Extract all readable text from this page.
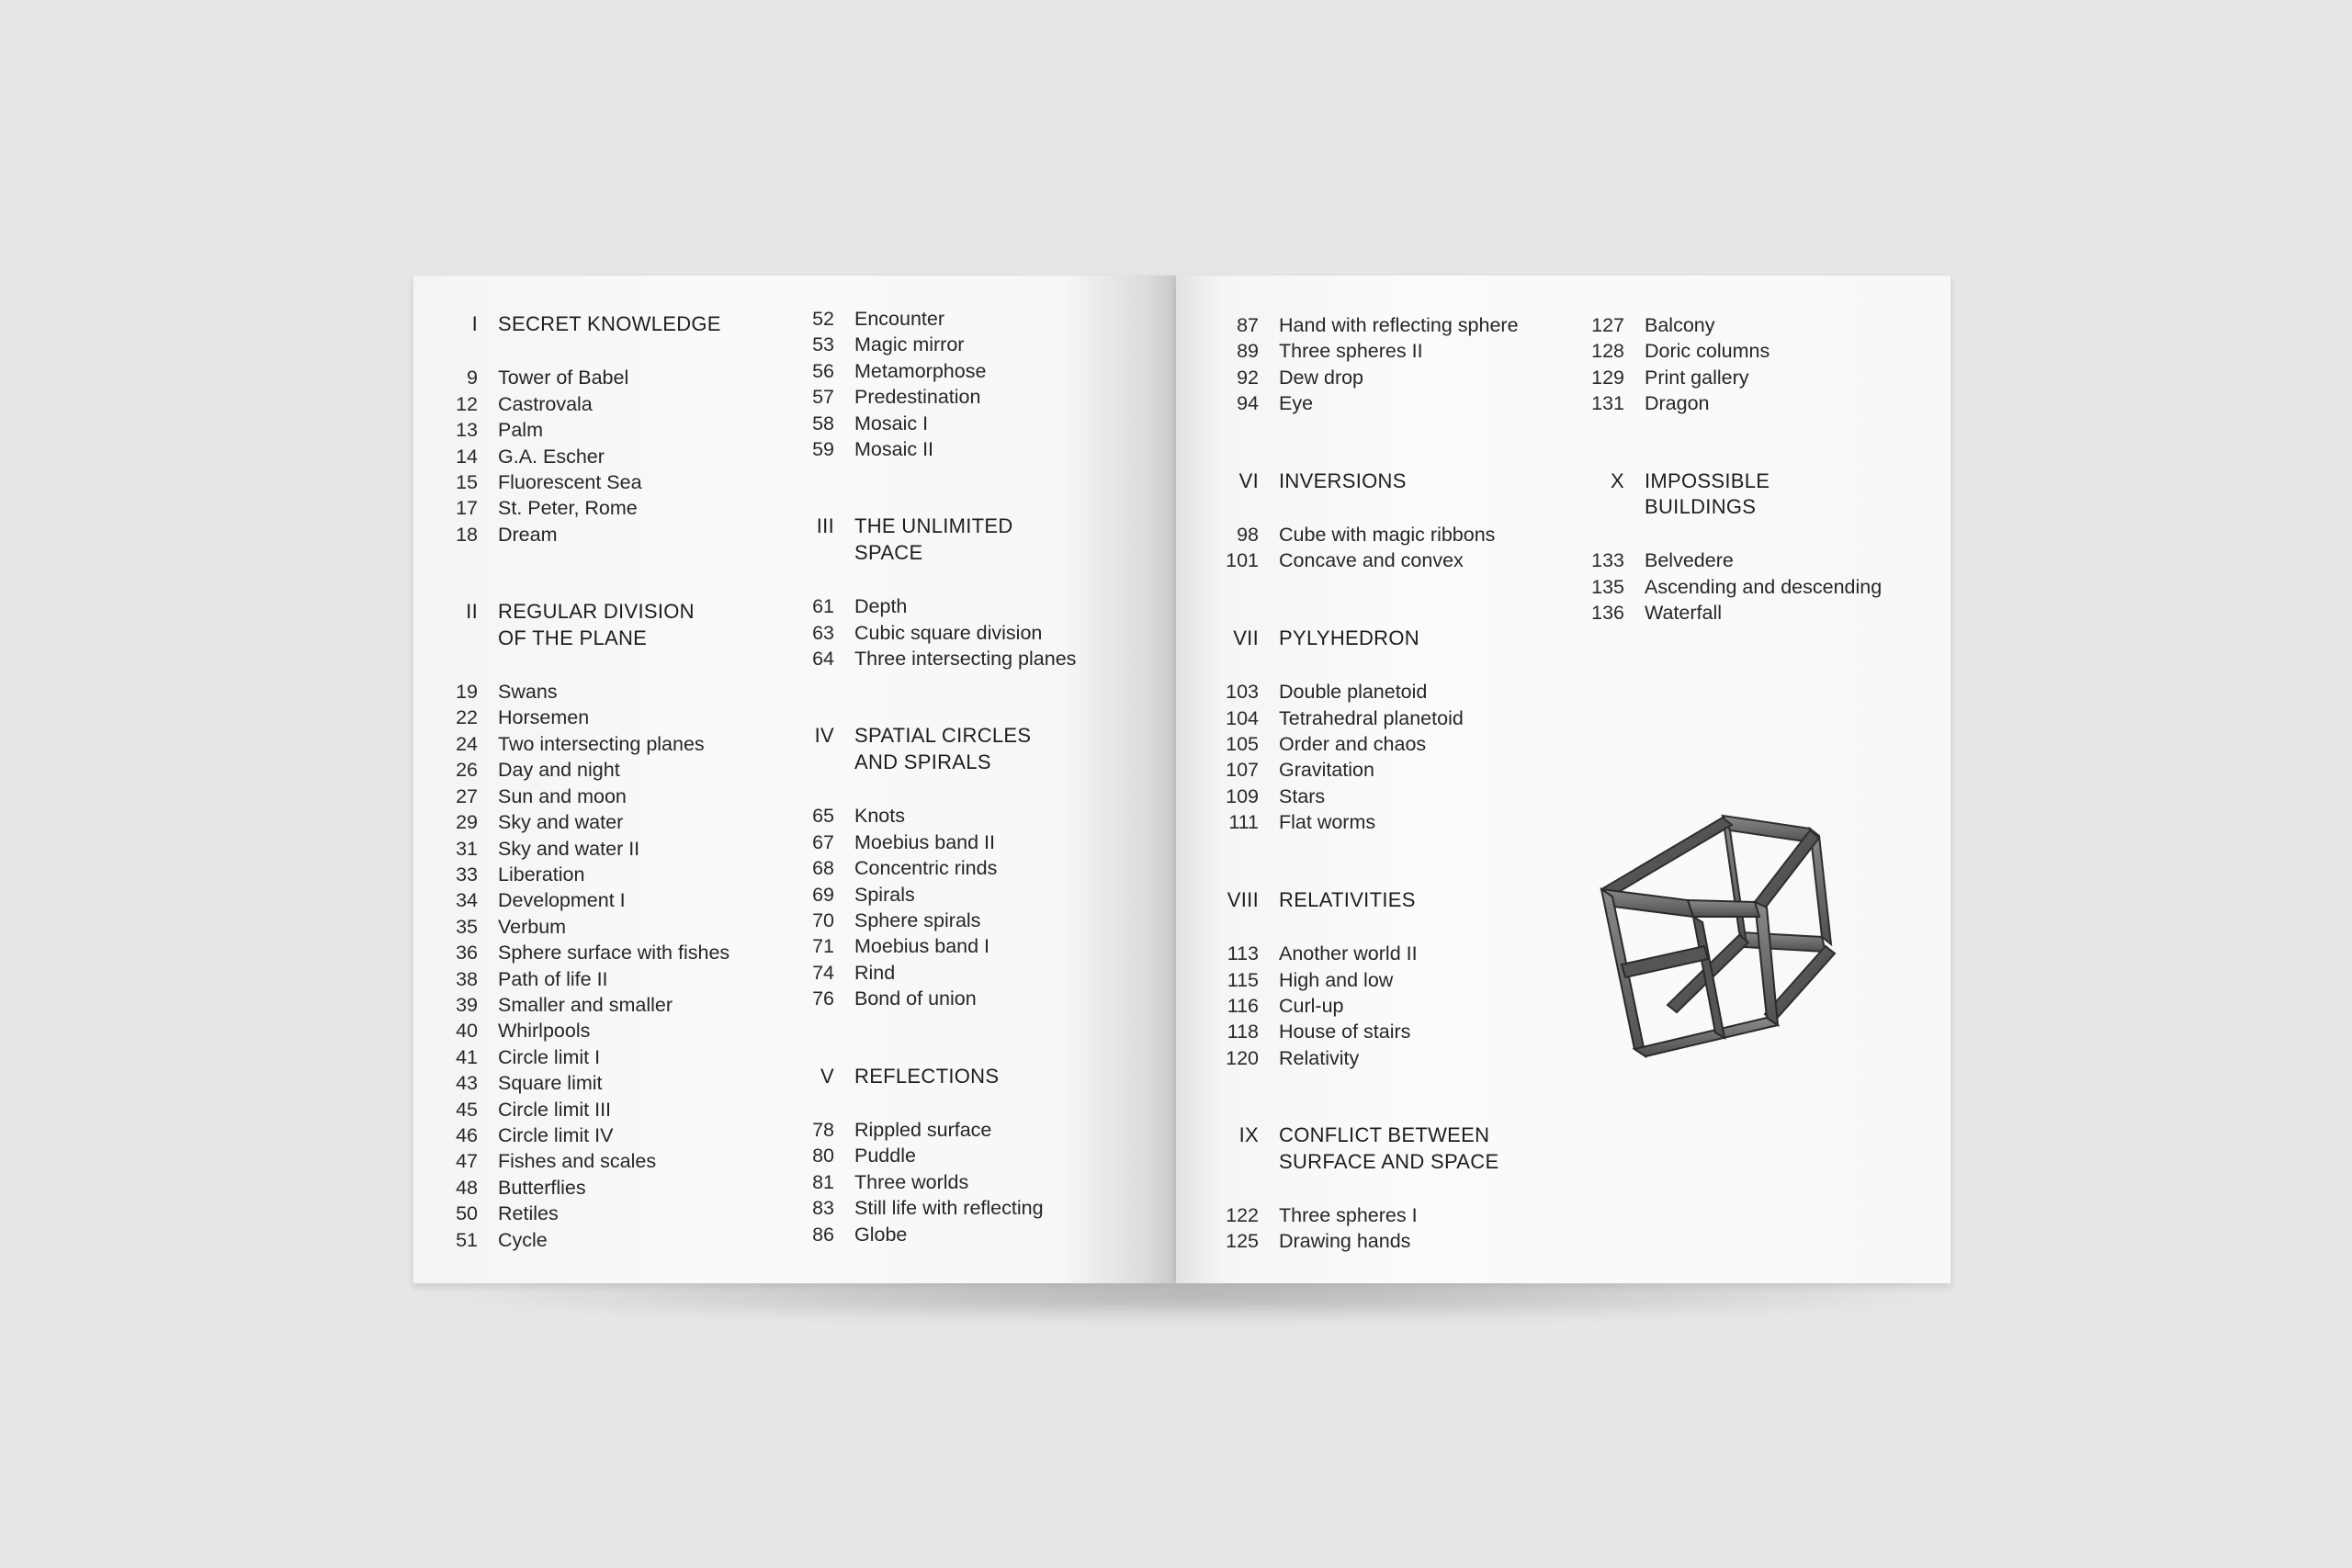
I	SECRET KNOWLEDGE
9	Tower of Babel
12	Castrovala
13	Palm
14	G.A. Escher
15	Fluorescent Sea
17	St. Peter, Rome
18	Dream
II	REGULAR DIVISION
OF THE PLANE
19	Swans
22	Horsemen
24	Two intersecting planes
26	Day and night
27	Sun and moon
29	Sky and water
31	Sky and water II
33	Liberation
34	Development I
35	Verbum
36	Sphere surface with fishes
38	Path of life II
39	Smaller and smaller
40	Whirlpools
41	Circle limit I
43	Square limit
45	Circle limit III
46	Circle limit IV
47	Fishes and scales
48	Butterflies
50	Retiles
51	Cycle
52	Encounter
53	Magic mirror
56	Metamorphose
57	Predestination
58	Mosaic I
59	Mosaic II
III	THE UNLIMITED
SPACE
61	Depth
63	Cubic square division
64	Three intersecting planes
IV	SPATIAL CIRCLES
AND SPIRALS
65	Knots
67	Moebius band II
68	Concentric rinds
69	Spirals
70	Sphere spirals
71	Moebius band I
74	Rind
76	Bond of union
V	REFLECTIONS
78	Rippled surface
80	Puddle
81	Three worlds
83	Still life with reflecting
86	Globe
87	Hand with reflecting sphere
89	Three spheres II
92	Dew drop
94	Eye
VI	INVERSIONS
98	Cube with magic ribbons
101	Concave and convex
VII	PYLYHEDRON
103	Double planetoid
104	Tetrahedral planetoid
105	Order and chaos
107	Gravitation
109	Stars
111	Flat worms
VIII	RELATIVITIES
113	Another world II
115	High and low
116	Curl-up
118	House of stairs
120	Relativity
IX	CONFLICT BETWEEN
SURFACE AND SPACE
122	Three spheres I
125	Drawing hands
127	Balcony
128	Doric columns
129	Print gallery
131	Dragon
X	IMPOSSIBLE
BUILDINGS
133	Belvedere
135	Ascending and descending
136	Waterfall
